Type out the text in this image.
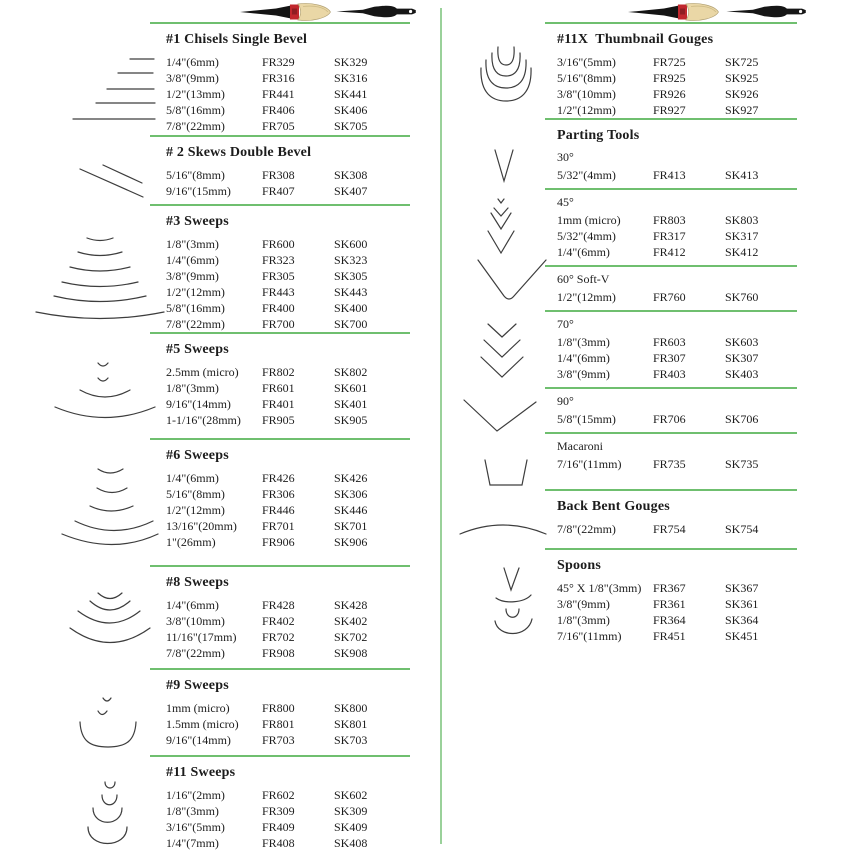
#1 Chisels Single Bevel
1/4"(6mm)	FR329	SK329
3/8"(9mm)	FR316	SK316
1/2"(13mm)	FR441	SK441
5/8"(16mm)	FR406	SK406
7/8"(22mm)	FR705	SK705
# 2 Skews Double Bevel
5/16"(8mm)	FR308	SK308
9/16"(15mm)	FR407	SK407
#3 Sweeps
1/8"(3mm)	FR600	SK600
1/4"(6mm)	FR323	SK323
3/8"(9mm)	FR305	SK305
1/2"(12mm)	FR443	SK443
5/8"(16mm)	FR400	SK400
7/8"(22mm)	FR700	SK700
#5 Sweeps
2.5mm (micro)	FR802	SK802
1/8"(3mm)	FR601	SK601
9/16"(14mm)	FR401	SK401
1-1/16"(28mm)	FR905	SK905
#6 Sweeps
1/4"(6mm)	FR426	SK426
5/16"(8mm)	FR306	SK306
1/2"(12mm)	FR446	SK446
13/16"(20mm)	FR701	SK701
1"(26mm)	FR906	SK906
#8 Sweeps
1/4"(6mm)	FR428	SK428
3/8"(10mm)	FR402	SK402
11/16"(17mm)	FR702	SK702
7/8"(22mm)	FR908	SK908
#9 Sweeps
1mm (micro)	FR800	SK800
1.5mm (micro)	FR801	SK801
9/16"(14mm)	FR703	SK703
#11 Sweeps
1/16"(2mm)	FR602	SK602
1/8"(3mm)	FR309	SK309
3/16"(5mm)	FR409	SK409
1/4"(7mm)	FR408	SK408
#11X  Thumbnail Gouges
3/16"(5mm)	FR725	SK725
5/16"(8mm)	FR925	SK925
3/8"(10mm)	FR926	SK926
1/2"(12mm)	FR927	SK927
Parting Tools
30°
5/32"(4mm)	FR413	SK413
45°
1mm (micro)	FR803	SK803
5/32"(4mm)	FR317	SK317
1/4"(6mm)	FR412	SK412
60° Soft-V
1/2"(12mm)	FR760	SK760
70°
1/8"(3mm)	FR603	SK603
1/4"(6mm)	FR307	SK307
3/8"(9mm)	FR403	SK403
90°
5/8"(15mm)	FR706	SK706
Macaroni
7/16"(11mm)	FR735	SK735
Back Bent Gouges
7/8"(22mm)	FR754	SK754
Spoons
45° X 1/8"(3mm) FR367	SK367
3/8"(9mm)	FR361	SK361
1/8"(3mm)	FR364	SK364
7/16"(11mm)	FR451	SK451
